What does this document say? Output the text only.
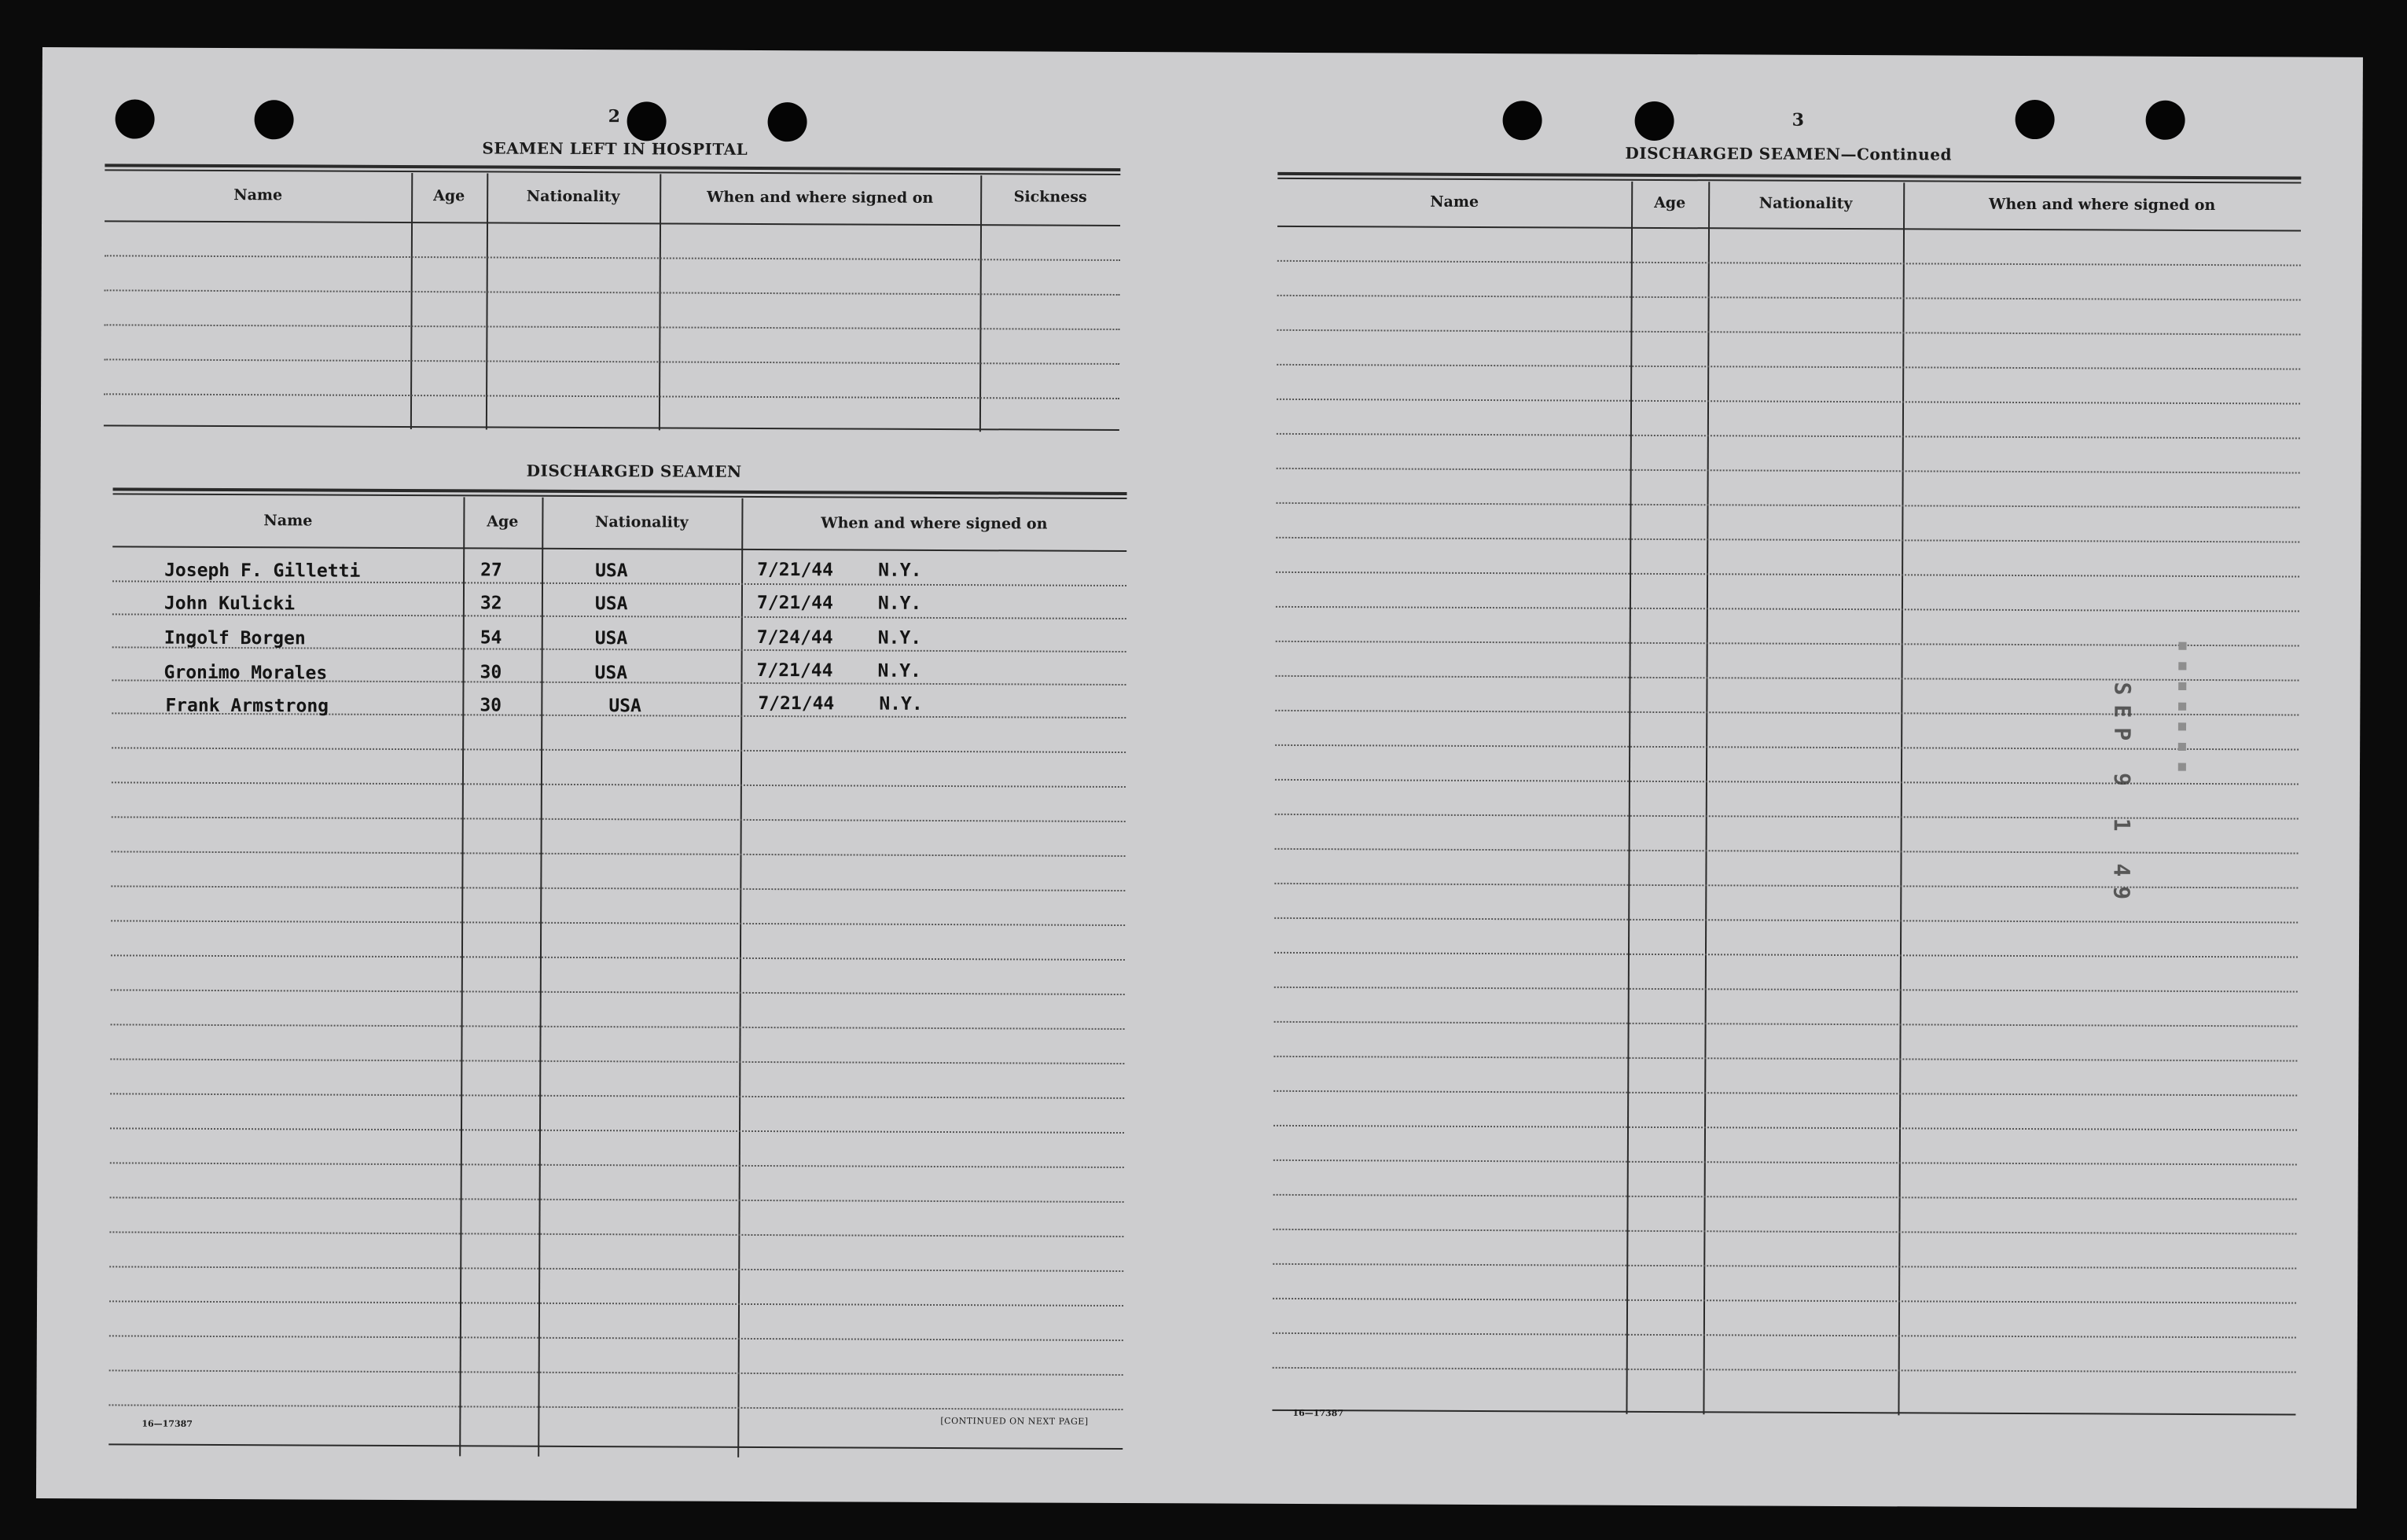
2
SEAMEN LEFT IN HOSPITAL
Name	Age	Nationality	When and where signed on	Sickness
DISCHARGED SEAMEN
Name	Age	Nationality	When and where signed on
Joseph F. Gilletti	27	USA	7/21/44 N.Y.
John Kulicki	32	USA	7/21/44 N.Y.
Ingolf Borgen	54	USA	7/24/44 N.Y.
Gronimo Morales	30	USA	7/21/44 N.Y.
Frank Armstrong	30	USA	7/21/44 N.Y.
16—17387	[CONTINUED ON NEXT PAGE]
3
DISCHARGED SEAMEN—Continued
Name	Age	Nationality	When and where signed on
SEP 9 1 49 ▪▪▪▪▪▪▪
16—17387
